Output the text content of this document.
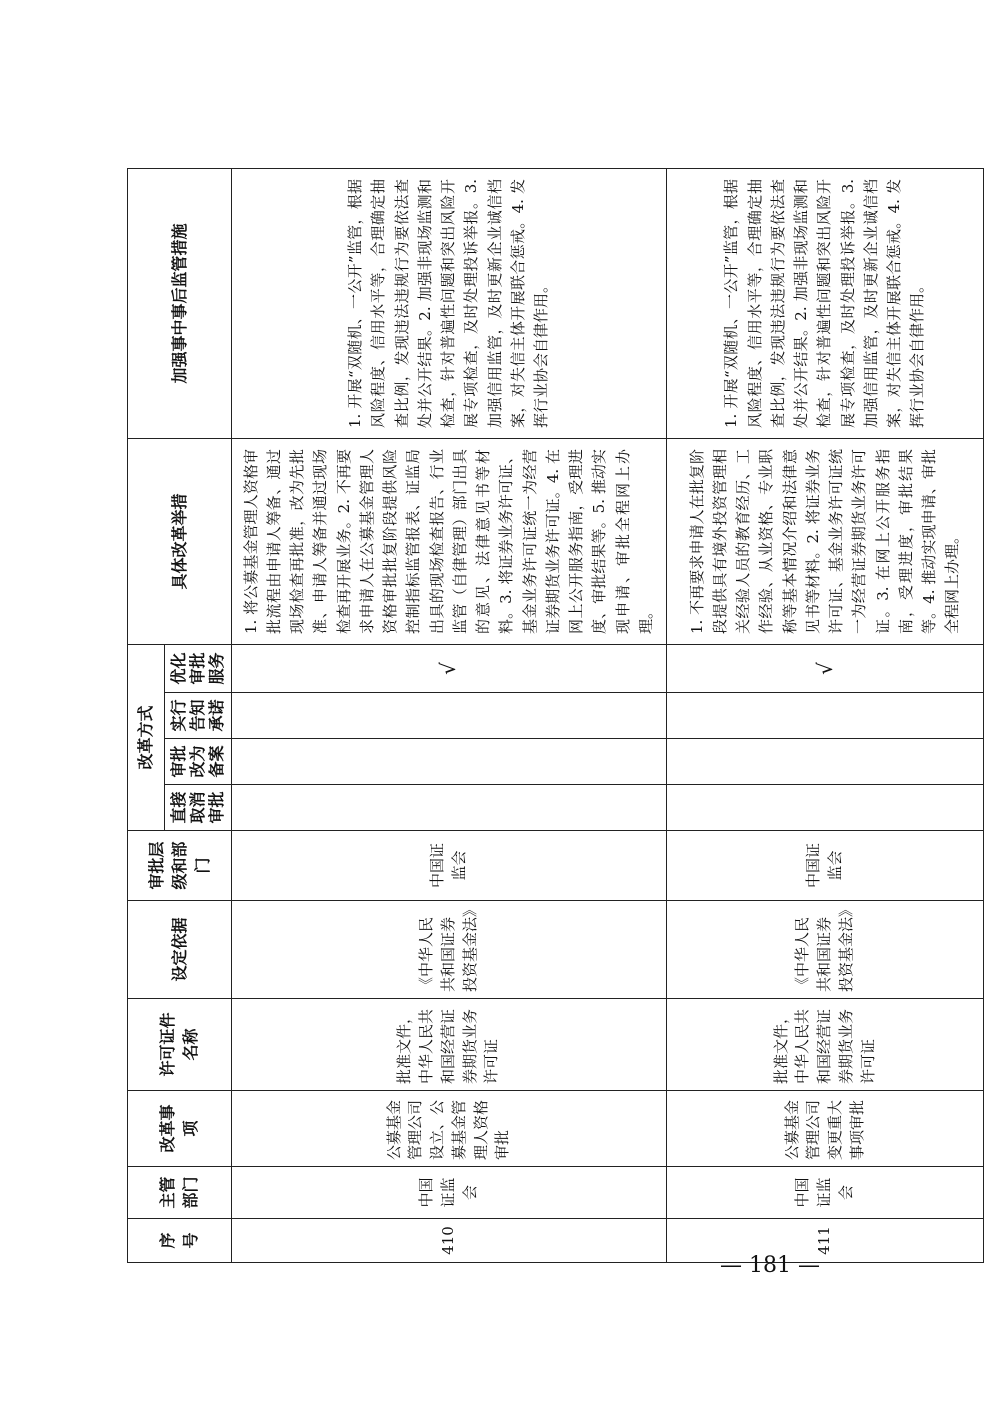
序号	主管部门	改革事项	许可证件名称	设定依据	审批层级和部门	改革方式				具体改革举措	加强事中事后监管措施
						直接取消审批	审批改为备案	实行告知承诺	优化审批服务		
410	中国证监会	公募基金管理公司设立、公募基金管理人资格审批	批准文件，中华人民共和国经营证券期货业务许可证	《中华人民共和国证券投资基金法》	中国证监会				√	1. 将公募基金管理人资格审批流程由申请人筹备、通过现场检查再批准，改为先批准、申请人筹备并通过现场检查再开展业务。2. 不再要求申请人在公募基金管理人资格审批批复阶段提供风险控制指标监管报表、证监局出具的现场检查报告、行业监管（自律管理）部门出具的意见、法律意见书等材料。3. 将证券业务许可证、基金业务许可证统一为经营证券期货业务许可证。4. 在网上公开服务指南，受理进度、审批结果等。5. 推动实现申请、审批全程网上办理。	1. 开展“双随机、一公开”监管，根据风险程度、信用水平等，合理确定抽查比例，发现违法违规行为要依法查处并公开结果。2. 加强非现场监测和检查，针对普遍性问题和突出风险开展专项检查，及时处理投诉举报。3. 加强信用监管，及时更新企业诚信档案，对失信主体开展联合惩戒。4. 发挥行业协会自律作用。
411	中国证监会	公募基金管理公司变更重大事项审批	批准文件，中华人民共和国经营证券期货业务许可证	《中华人民共和国证券投资基金法》	中国证监会				√	1. 不再要求申请人在批复阶段提供具有境外投资管理相关经验人员的教育经历、工作经验、从业资格、专业职称等基本情况介绍和法律意见书等材料。2. 将证券业务许可证、基金业务许可证统一为经营证券期货业务许可证。3. 在网上公开服务指南，受理进度，审批结果等。4. 推动实现申请、审批全程网上办理。	1. 开展“双随机、一公开”监管，根据风险程度、信用水平等，合理确定抽查比例，发现违法违规行为要依法查处并公开结果。2. 加强非现场监测和检查，针对普遍性问题和突出风险开展专项检查，及时处理投诉举报。3. 加强信用监管，及时更新企业诚信档案，对失信主体开展联合惩戒。4. 发挥行业协会自律作用。
— 181 —
